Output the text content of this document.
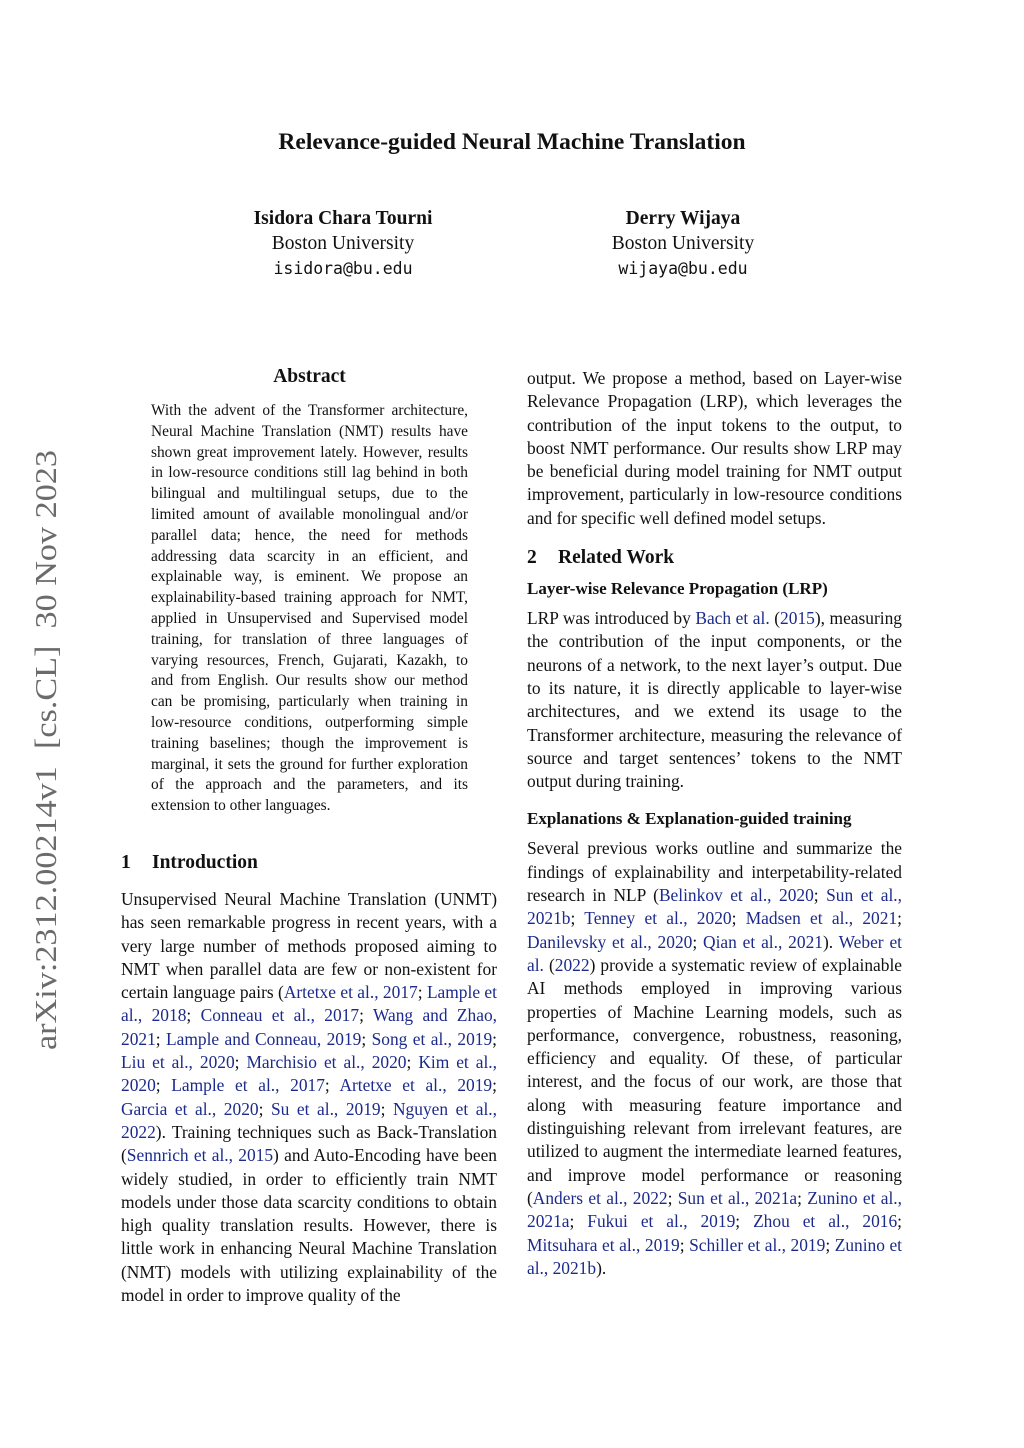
arXiv:2312.00214v1  [cs.CL]  30 Nov 2023
Relevance-guided Neural Machine Translation
Isidora Chara Tourni
Boston University
isidora@bu.edu
Derry Wijaya
Boston University
wijaya@bu.edu

Abstract

With the advent of the Transformer architecture, Neural Machine Translation (NMT) results have shown great improvement lately. However, results in low-resource conditions still lag behind in both bilingual and multilingual setups, due to the limited amount of available monolingual and/or parallel data; hence, the need for methods addressing data scarcity in an efficient, and explainable way, is eminent. We propose an explainability-based training approach for NMT, applied in Unsupervised and Supervised model training, for translation of three languages of varying resources, French, Gujarati, Kazakh, to and from English. Our results show our method can be promising, particularly when training in low-resource conditions, outperforming simple training baselines; though the improvement is marginal, it sets the ground for further exploration of the approach and the parameters, and its extension to other languages.

1 Introduction

Unsupervised Neural Machine Translation (UNMT) has seen remarkable progress in recent years, with a very large number of methods proposed aiming to NMT when parallel data are few or non-existent for certain language pairs (Artetxe et al., 2017; Lample et al., 2018; Conneau et al., 2017; Wang and Zhao, 2021; Lample and Conneau, 2019; Song et al., 2019; Liu et al., 2020; Marchisio et al., 2020; Kim et al., 2020; Lample et al., 2017; Artetxe et al., 2019; Garcia et al., 2020; Su et al., 2019; Nguyen et al., 2022). Training techniques such as Back-Translation (Sennrich et al., 2015) and Auto-Encoding have been widely studied, in order to efficiently train NMT models under those data scarcity conditions to obtain high quality translation results. However, there is little work in enhancing Neural Machine Translation (NMT) models with utilizing explainability of the model in order to improve quality of the

output. We propose a method, based on Layer-wise Relevance Propagation (LRP), which leverages the contribution of the input tokens to the output, to boost NMT performance. Our results show LRP may be beneficial during model training for NMT output improvement, particularly in low-resource conditions and for specific well defined model setups.

2 Related Work

Layer-wise Relevance Propagation (LRP)

LRP was introduced by Bach et al. (2015), measuring the contribution of the input components, or the neurons of a network, to the next layer’s output. Due to its nature, it is directly applicable to layer-wise architectures, and we extend its usage to the Transformer architecture, measuring the relevance of source and target sentences’ tokens to the NMT output during training.

Explanations & Explanation-guided training

Several previous works outline and summarize the findings of explainability and interpetability-related research in NLP (Belinkov et al., 2020; Sun et al., 2021b; Tenney et al., 2020; Madsen et al., 2021; Danilevsky et al., 2020; Qian et al., 2021). Weber et al. (2022) provide a systematic review of explainable AI methods employed in improving various properties of Machine Learning models, such as performance, convergence, robustness, reasoning, efficiency and equality. Of these, of particular interest, and the focus of our work, are those that along with measuring feature importance and distinguishing relevant from irrelevant features, are utilized to augment the intermediate learned features, and improve model performance or reasoning (Anders et al., 2022; Sun et al., 2021a; Zunino et al., 2021a; Fukui et al., 2019; Zhou et al., 2016; Mitsuhara et al., 2019; Schiller et al., 2019; Zunino et al., 2021b).
